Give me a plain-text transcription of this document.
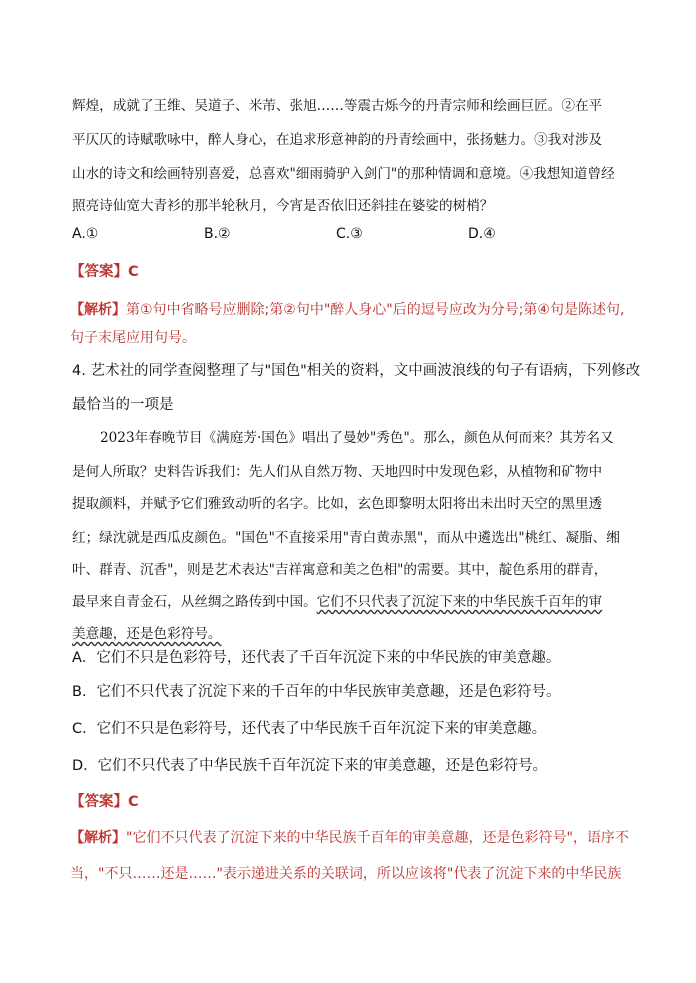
辉煌，成就了王维、吴道子、米芾、张旭……等震古烁今的丹青宗师和绘画巨匠。②在平
平仄仄的诗赋歌咏中，醉人身心，在追求形意神韵的丹青绘画中，张扬魅力。③我对涉及
山水的诗文和绘画特别喜爱，总喜欢"细雨骑驴入剑门"的那种情调和意境。④我想知道曾经
照亮诗仙宽大青衫的那半轮秋月，今宵是否依旧还斜挂在婆娑的树梢？
A.①	B.②	C.③	D.④
【答案】C
【解析】第①句中省略号应删除;第②句中"醉人身心"后的逗号应改为分号;第④句是陈述句,
句子末尾应用句号。
4. 艺术社的同学查阅整理了与"国色"相关的资料，文中画波浪线的句子有语病，下列修改
最恰当的一项是
2023年春晚节目《满庭芳·国色》唱出了曼妙"秀色"。那么，颜色从何而来？其芳名又
是何人所取？史料告诉我们：先人们从自然万物、天地四时中发现色彩，从植物和矿物中
提取颜料，并赋予它们雅致动听的名字。比如，玄色即黎明太阳将出未出时天空的黑里透
红；绿沈就是西瓜皮颜色。"国色"不直接采用"青白黄赤黑"，而从中遴选出"桃红、凝脂、缃
叶、群青、沉香"，则是艺术表达"吉祥寓意和美之色相"的需要。其中，靛色系用的群青，
最早来自青金石，从丝绸之路传到中国。它们不只代表了沉淀下来的中华民族千百年的审
美意趣，还是色彩符号。
A．它们不只是色彩符号，还代表了千百年沉淀下来的中华民族的审美意趣。
B．它们不只代表了沉淀下来的千百年的中华民族审美意趣，还是色彩符号。
C．它们不只是色彩符号，还代表了中华民族千百年沉淀下来的审美意趣。
D．它们不只代表了中华民族千百年沉淀下来的审美意趣，还是色彩符号。
【答案】C
【解析】"它们不只代表了沉淀下来的中华民族千百年的审美意趣，还是色彩符号"，语序不
当，"不只……还是……"表示递进关系的关联词，所以应该将"代表了沉淀下来的中华民族
